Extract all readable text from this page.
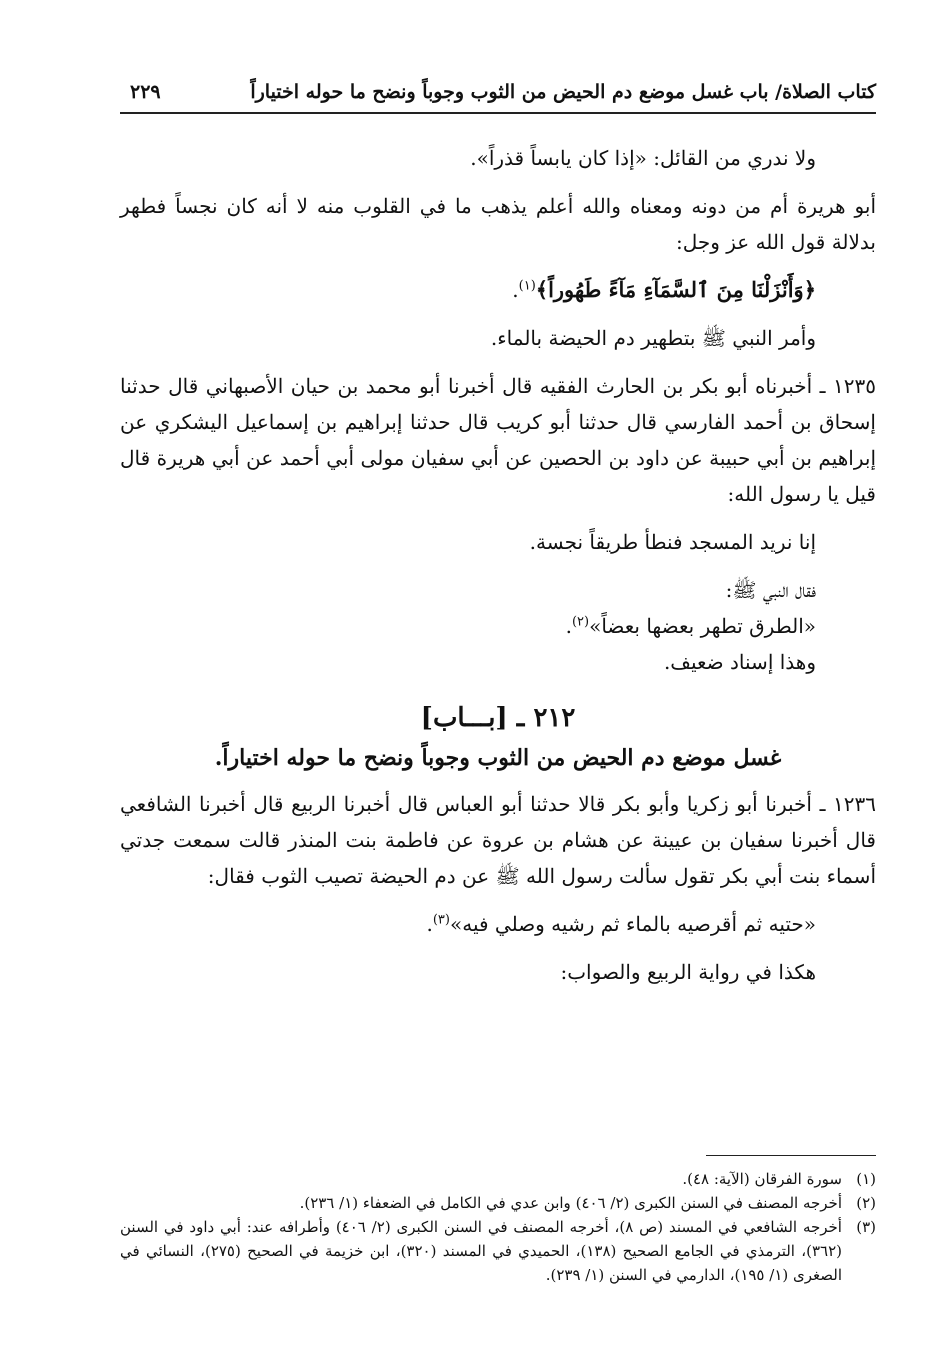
كتاب الصلاة/ باب غسل موضع دم الحيض من الثوب وجوباً ونضح ما حوله اختياراً
٢٢٩

ولا ندري من القائل: «إذا كان يابساً قذراً».

أبو هريرة أم من دونه ومعناه والله أعلم يذهب ما في القلوب منه لا أنه كان نجساً فطهر بدلالة قول الله عز وجل:

﴿وَأَنْزَلْنَا مِنَ ٱلسَّمَآءِ مَآءً طَهُوراً﴾$^{(١)}$.

وأمر النبي ﷺ بتطهير دم الحيضة بالماء.

١٢٣٥ ـ أخبرناه أبو بكر بن الحارث الفقيه قال أخبرنا أبو محمد بن حيان الأصبهاني قال حدثنا إسحاق بن أحمد الفارسي قال حدثنا أبو كريب قال حدثنا إبراهيم بن إسماعيل اليشكري عن إبراهيم بن أبي حبيبة عن داود بن الحصين عن أبي سفيان مولى أبي أحمد عن أبي هريرة قال قيل يا رسول الله:

إنا نريد المسجد فنطأ طريقاً نجسة.

فقال النبي ﷺ:

«الطرق تطهر بعضها بعضاً»$^{(٢)}$.

وهذا إسناد ضعيف.

٢١٢ ـ [بـــاب]
غسل موضع دم الحيض من الثوب وجوباً ونضح ما حوله اختياراً.

١٢٣٦ ـ أخبرنا أبو زكريا وأبو بكر قالا حدثنا أبو العباس قال أخبرنا الربيع قال أخبرنا الشافعي قال أخبرنا سفيان بن عيينة عن هشام بن عروة عن فاطمة بنت المنذر قالت سمعت جدتي أسماء بنت أبي بكر تقول سألت رسول الله ﷺ عن دم الحيضة تصيب الثوب فقال:

«حتيه ثم أقرصيه بالماء ثم رشيه وصلي فيه»$^{(٣)}$.

هكذا في رواية الربيع والصواب:

(١)
سورة الفرقان (الآية: ٤٨).
(٢)
أخرجه المصنف في السنن الكبرى (٢/ ٤٠٦) وابن عدي في الكامل في الضعفاء (١/ ٢٣٦).
(٣)
أخرجه الشافعي في المسند (ص ٨)، أخرجه المصنف في السنن الكبرى (٢/ ٤٠٦) وأطرافه عند: أبي داود في السنن (٣٦٢)، الترمذي في الجامع الصحيح (١٣٨)، الحميدي في المسند (٣٢٠)، ابن خزيمة في الصحيح (٢٧٥)، النسائي في الصغرى (١/ ١٩٥)، الدارمي في السنن (١/ ٢٣٩).
